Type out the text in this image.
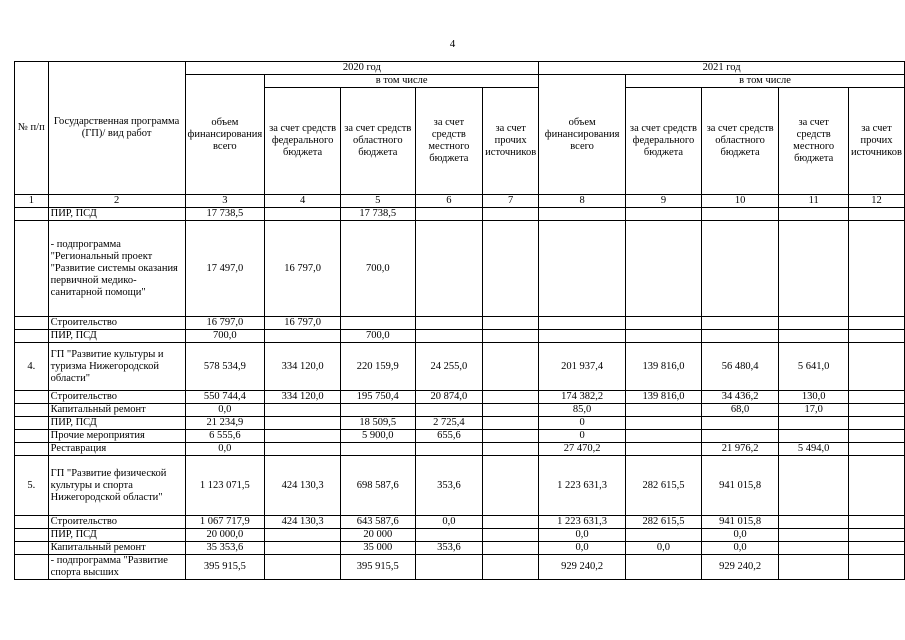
4
№ п/п	Государственная программа (ГП)/ вид работ	2020 год					2021 год				
		объем финансирования всего	в том числе				объем финансирования всего	в том числе			
			за счет средств федерального бюджета	за счет средств областного бюджета	за счет средств местного бюджета	за счет прочих источников		за счет средств федерального бюджета	за счет средств областного бюджета	за счет средств местного бюджета	за счет прочих источников
1	2	3	4	5	6	7	8	9	10	11	12
	ПИР, ПСД	17 738,5		17 738,5							
	- подпрограмма "Региональный проект "Развитие системы оказания первичной медико-санитарной помощи"	17 497,0	16 797,0	700,0							
	Строительство	16 797,0	16 797,0								
	ПИР, ПСД	700,0		700,0							
4.	ГП "Развитие культуры и туризма Нижегородской области"	578 534,9	334 120,0	220 159,9	24 255,0		201 937,4	139 816,0	56 480,4	5 641,0	
	Строительство	550 744,4	334 120,0	195 750,4	20 874,0		174 382,2	139 816,0	34 436,2	130,0	
	Капитальный ремонт	0,0					85,0		68,0	17,0	
	ПИР, ПСД	21 234,9		18 509,5	2 725,4		0				
	Прочие мероприятия	6 555,6		5 900,0	655,6		0				
	Реставрация	0,0					27 470,2		21 976,2	5 494,0	
5.	ГП "Развитие физической культуры и спорта Нижегородской области"	1 123 071,5	424 130,3	698 587,6	353,6		1 223 631,3	282 615,5	941 015,8		
	Строительство	1 067 717,9	424 130,3	643 587,6	0,0		1 223 631,3	282 615,5	941 015,8		
	ПИР, ПСД	20 000,0		20 000			0,0		0,0		
	Капитальный ремонт	35 353,6		35 000	353,6		0,0	0,0	0,0		
	- подпрограмма "Развитие спорта высших	395 915,5		395 915,5			929 240,2		929 240,2		
